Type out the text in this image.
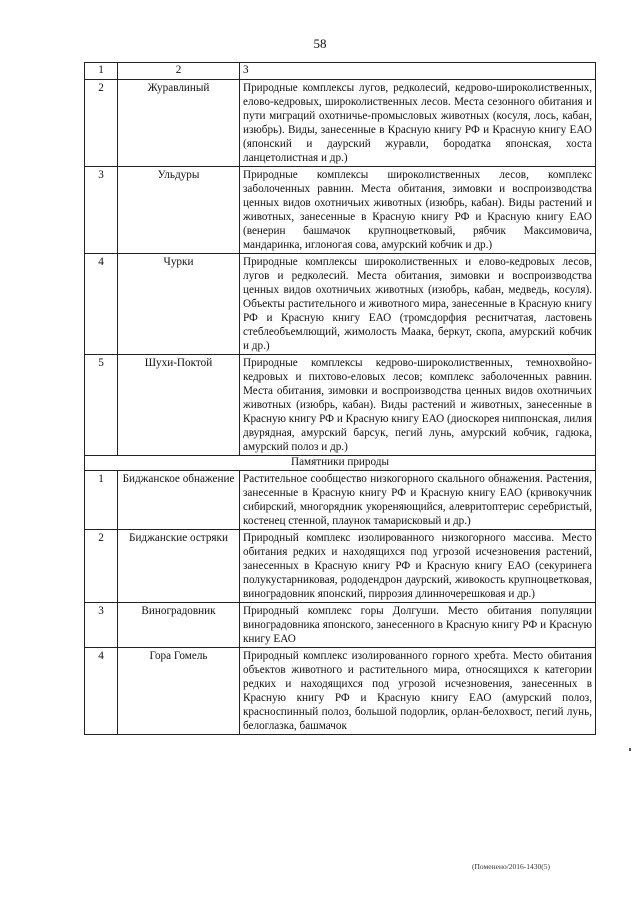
58
1	2	3
2	Журавлиный	Природные комплексы лугов, редколесий, кедрово-широколиственных, елово-кедровых, широколиственных лесов. Места сезонного обитания и пути миграций охотничье-промысловых животных (косуля, лось, кабан, изюбрь). Виды, занесенные в Красную книгу РФ и Красную книгу ЕАО (японский и даурский журавли, бородатка японская, хоста ланцетолистная и др.)
3	Ульдуры	Природные комплексы широколиственных лесов, комплекс заболоченных равнин. Места обитания, зимовки и воспроизводства ценных видов охотничьих животных (изюбрь, кабан). Виды растений и животных, занесенные в Красную книгу РФ и Красную книгу ЕАО (венерин башмачок крупноцветковый, рябчик Максимовича, мандаринка, иглоногая сова, амурский кобчик и др.)
4	Чурки	Природные комплексы широколиственных и елово-кедровых лесов, лугов и редколесий. Места обитания, зимовки и воспроизводства ценных видов охотничьих животных (изюбрь, кабан, медведь, косуля). Объекты растительного и животного мира, занесенные в Красную книгу РФ и Красную книгу ЕАО (тромсдорфия реснитчатая, ластовень стеблеобъемлющий, жимолость Маака, беркут, скопа, амурский кобчик и др.)
5	Шухи-Поктой	Природные комплексы кедрово-широколиственных, темнохвойно-кедровых и пихтово-еловых лесов; комплекс заболоченных равнин. Места обитания, зимовки и воспроизводства ценных видов охотничьих животных (изюбрь, кабан). Виды растений и животных, занесенные в Красную книгу РФ и Красную книгу ЕАО (диоскорея ниппонская, лилия двурядная, амурский барсук, пегий лунь, амурский кобчик, гадюка, амурский полоз и др.)
Памятники природы		
1	Биджанское обнажение	Растительное сообщество низкогорного скального обнажения. Растения, занесенные в Красную книгу РФ и Красную книгу ЕАО (кривокучник сибирский, многорядник укореняющийся, алевритоптерис серебристый, костенец стенной, плаунок тамарисковый и др.)
2	Биджанские остряки	Природный комплекс изолированного низкогорного массива. Место обитания редких и находящихся под угрозой исчезновения растений, занесенных в Красную книгу РФ и Красную книгу ЕАО (секуринега полукустарниковая, рододендрон даурский, живокость крупноцветковая, виноградовник японский, пиррозия длинночерешковая и др.)
3	Виноградовник	Природный комплекс горы Долгуши. Место обитания популяции виноградовника японского, занесенного в Красную книгу РФ и Красную книгу ЕАО
4	Гора Гомель	Природный комплекс изолированного горного хребта. Место обитания объектов животного и растительного мира, относящихся к категории редких и находящихся под угрозой исчезновения, занесенных в Красную книгу РФ и Красную книгу ЕАО (амурский полоз, красноспинный полоз, большой подорлик, орлан-белохвост, пегий лунь, белоглазка, башмачок
(Поменено/2016-1430(5)
